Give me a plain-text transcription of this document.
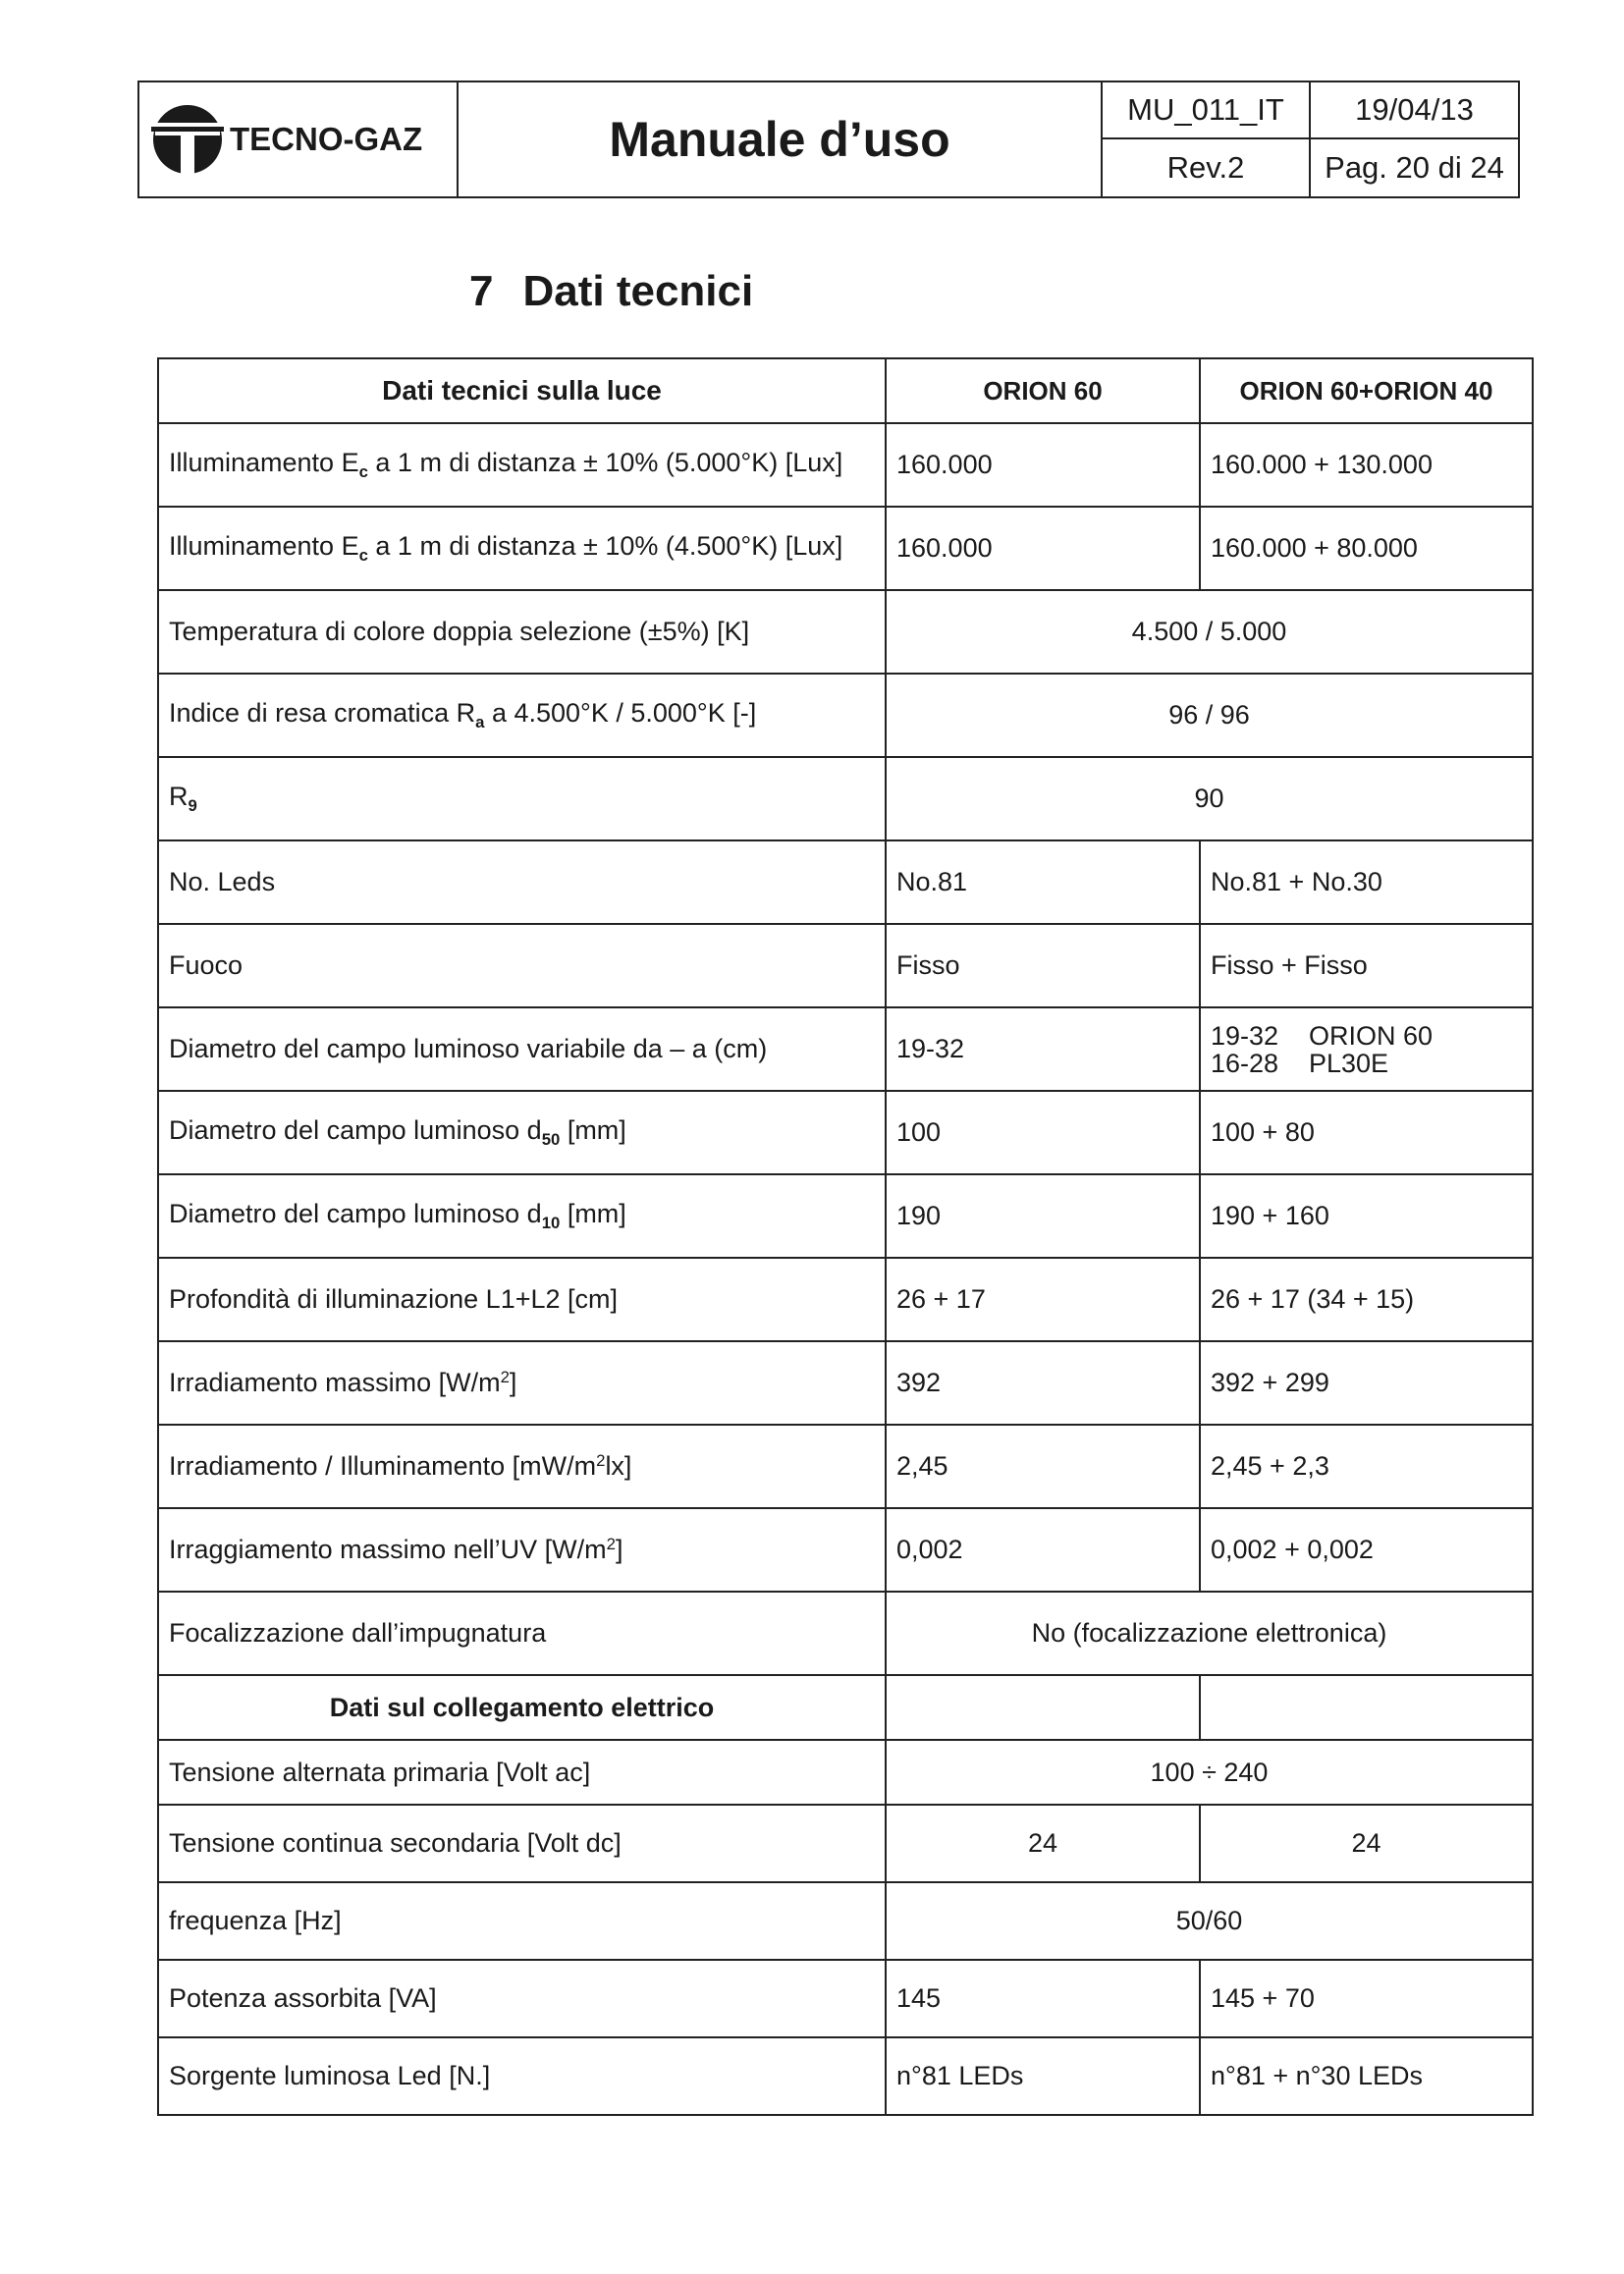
TECNO-GAZ	Manuale d’uso
MU_011_IT	19/04/13
Rev.2	Pag. 20 di 24
7 Dati tecnici
Dati tecnici sulla luce	ORION 60	ORION 60+ORION 40
Illuminamento $E_c$ a 1 m di distanza ± 10% (5.000°K) [Lux]	160.000	160.000 + 130.000
Illuminamento $E_c$ a 1 m di distanza ± 10% (4.500°K) [Lux]	160.000	160.000 + 80.000
Temperatura di colore doppia selezione (±5%) [K]	4.500 / 5.000	
Indice di resa cromatica $R_a$ a 4.500°K / 5.000°K [-]	96 / 96	
$R_9$	90	
No. Leds	No.81	No.81 + No.30
Fuoco	Fisso	Fisso + Fisso
Diametro del campo luminoso variabile da – a (cm)	19-32	19-32 ORION 60
16-28 PL30E

Diametro del campo luminoso $d_{50}$ [mm]	100	100 + 80
Diametro del campo luminoso $d_{10}$ [mm]	190	190 + 160
Profondità di illuminazione L1+L2 [cm]	26 + 17	26 + 17 (34 + 15)
Irradiamento massimo $[W/m^2]$	392	392 + 299
Irradiamento / Illuminamento $[mW/m^2lx]$	2,45	2,45 + 2,3
Irraggiamento massimo nell’UV $[W/m^2]$	0,002	0,002 + 0,002
Focalizzazione dall’impugnatura	No (focalizzazione elettronica)	
Dati sul collegamento elettrico		
Tensione alternata primaria [Volt ac]	100 ÷ 240	
Tensione continua secondaria [Volt dc]	24	24
frequenza [Hz]	50/60	
Potenza assorbita [VA]	145	145 + 70
Sorgente luminosa Led [N.]	n°81 LEDs	n°81 + n°30 LEDs
